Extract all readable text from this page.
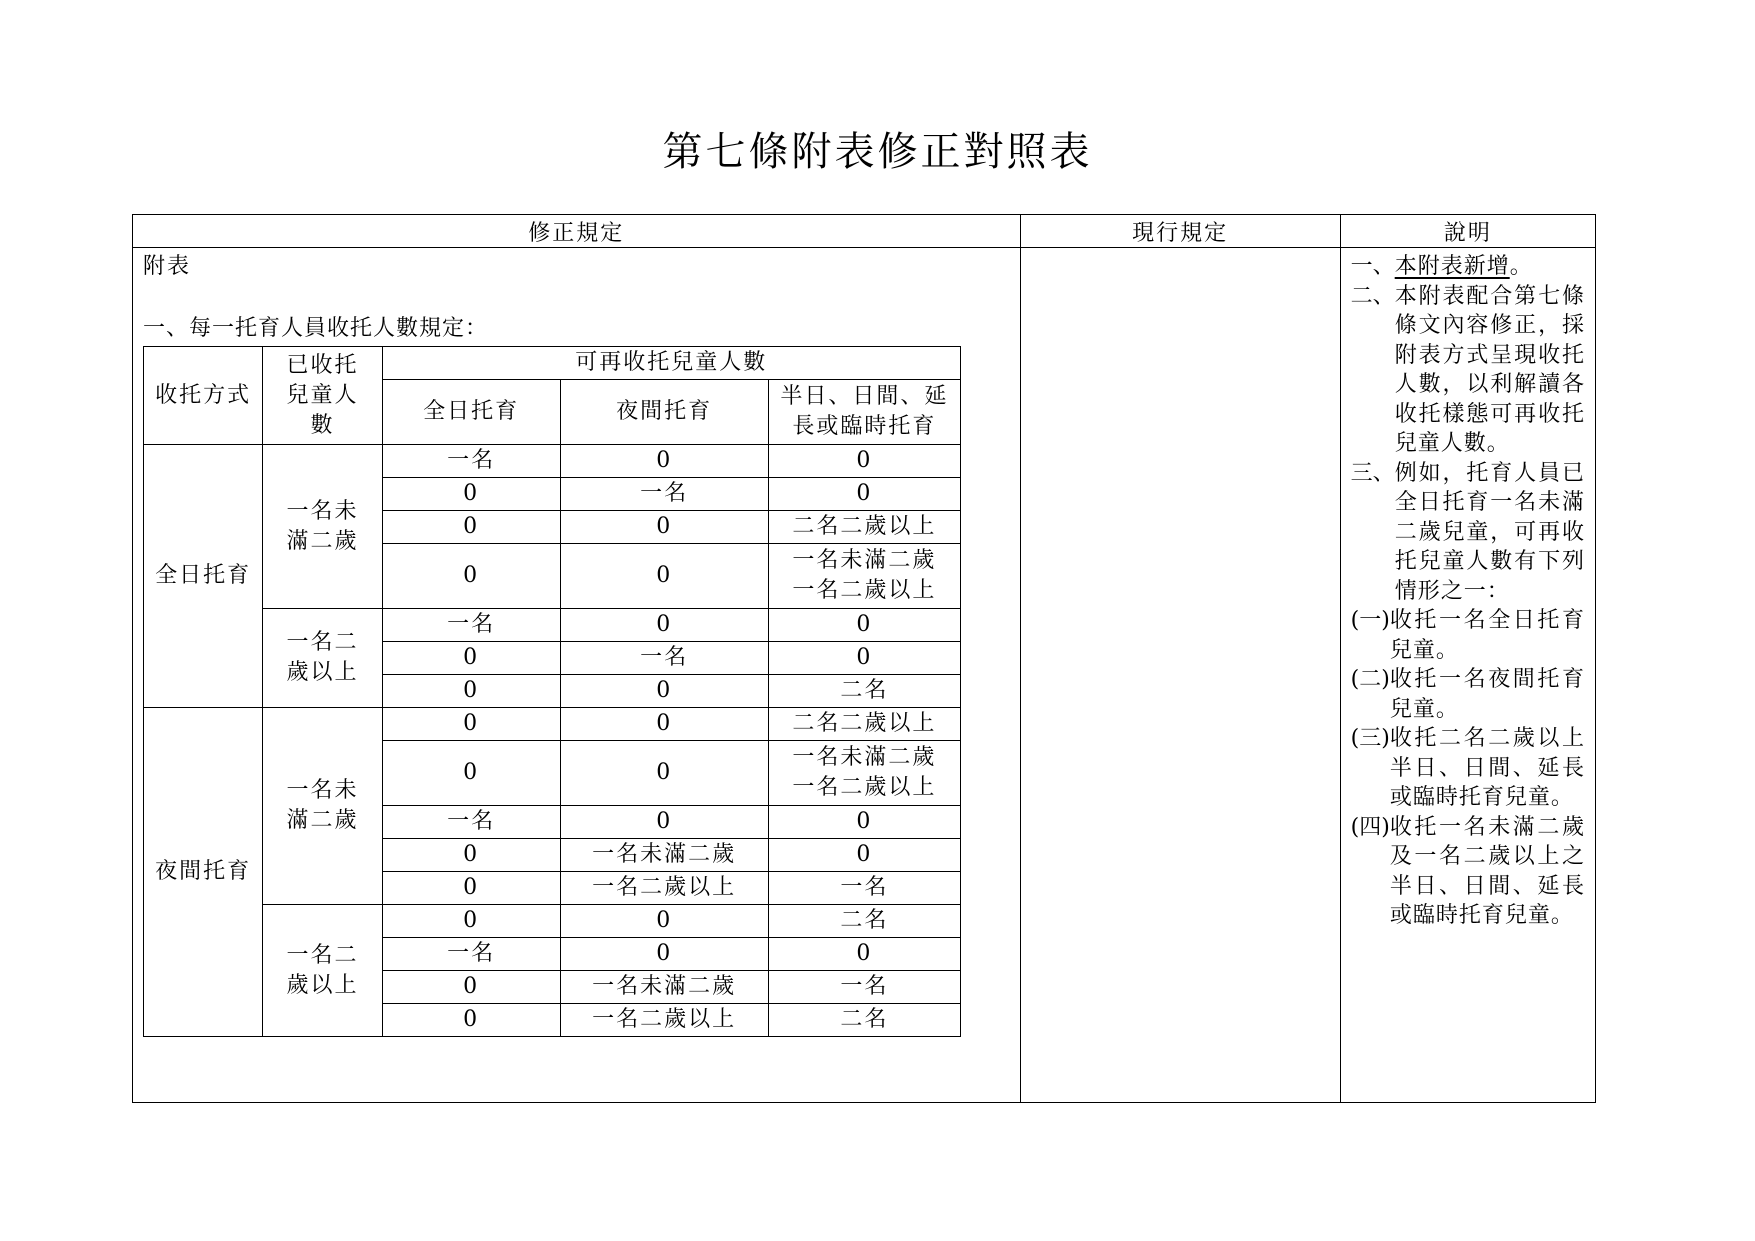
第七條附表修正對照表
修正規定	現行規定	說明

附表
一、每一托育人員收托人數規定：
收托方式	已收托兒童人數	可再收托兒童人數
全日托育	夜間托育	半日、日間、延長或臨時托育
全日托育	一名未滿二歲	一名	0	0
0	一名	0
0	0	二名二歲以上
0	0	一名未滿二歲 一名二歲以上
一名二歲以上	一名	0	0
0	一名	0
0	0	二名
夜間托育	一名未滿二歲	0	0	二名二歲以上
0	0	一名未滿二歲 一名二歲以上
一名	0	0
0	一名未滿二歲	0
0	一名二歲以上	一名
一名二歲以上	0	0	二名
一名	0	0
0	一名未滿二歲	一名
0	一名二歲以上	二名

一、 本附表新增。
二、 本附表配合第七條條文內容修正，採附表方式呈現收托人數，以利解讀各收托樣態可再收托兒童人數。
三、 例如，托育人員已全日托育一名未滿二歲兒童，可再收托兒童人數有下列情形之一：
(一) 收托一名全日托育兒童。
(二) 收托一名夜間托育兒童。
(三) 收托二名二歲以上半日、日間、延長或臨時托育兒童。
(四) 收托一名未滿二歲及一名二歲以上之半日、日間、延長或臨時托育兒童。
